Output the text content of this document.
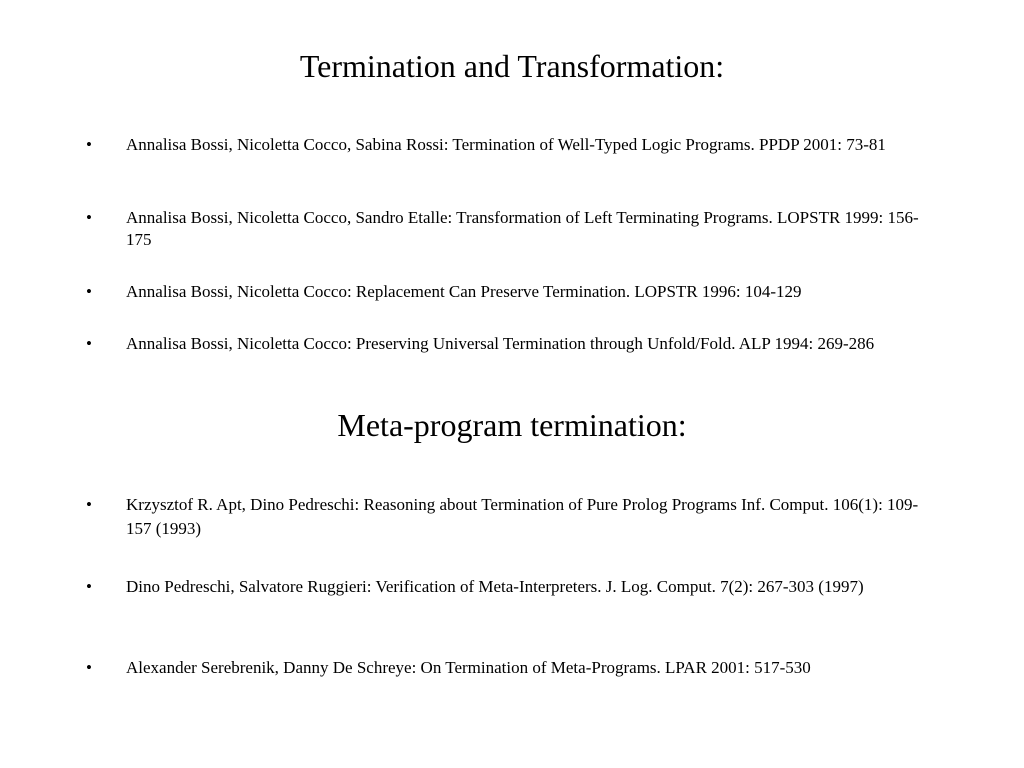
Termination and Transformation:
• Annalisa Bossi, Nicoletta Cocco, Sabina Rossi: Termination of Well-Typed Logic Programs. PPDP 2001: 73-81
• Annalisa Bossi, Nicoletta Cocco, Sandro Etalle: Transformation of Left Terminating Programs. LOPSTR 1999: 156-175
• Annalisa Bossi, Nicoletta Cocco: Replacement Can Preserve Termination. LOPSTR 1996: 104-129
• Annalisa Bossi, Nicoletta Cocco: Preserving Universal Termination through Unfold/Fold. ALP 1994: 269-286
Meta-program termination:
• Krzysztof R. Apt, Dino Pedreschi: Reasoning about Termination of Pure Prolog Programs Inf. Comput. 106(1): 109-157 (1993)
• Dino Pedreschi, Salvatore Ruggieri: Verification of Meta-Interpreters. J. Log. Comput. 7(2): 267-303 (1997)
• Alexander Serebrenik, Danny De Schreye: On Termination of Meta-Programs. LPAR 2001: 517-530
